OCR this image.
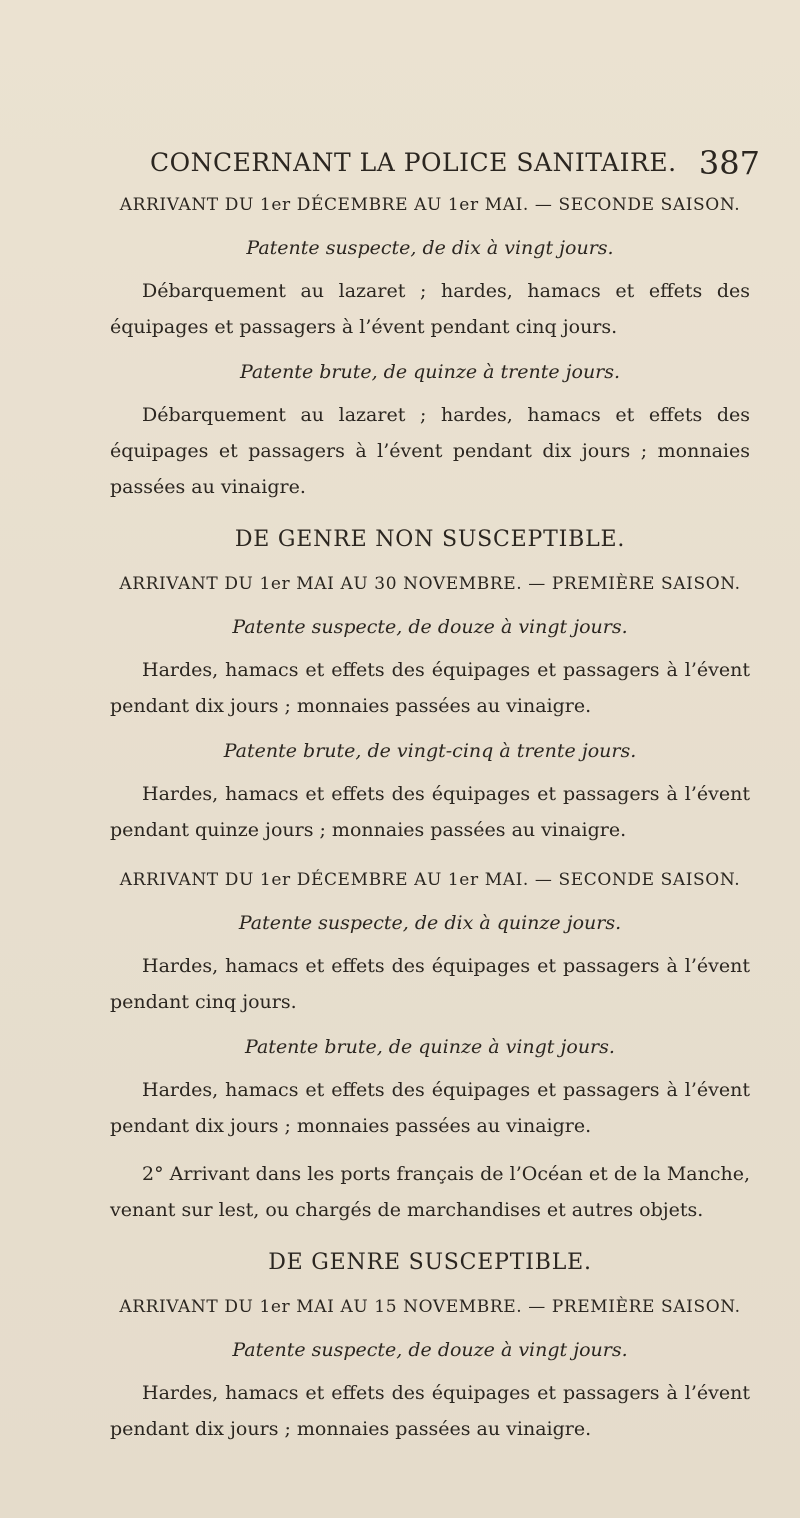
CONCERNANT LA POLICE SANITAIRE. 387

ARRIVANT DU 1er DÉCEMBRE AU 1er MAI. — SECONDE SAISON.

Patente suspecte, de dix à vingt jours.

Débarquement au lazaret ; hardes, hamacs et effets des équipages et passagers à l’évent pendant cinq jours.

Patente brute, de quinze à trente jours.

Débarquement au lazaret ; hardes, hamacs et effets des équipages et passagers à l’évent pendant dix jours ; monnaies passées au vinaigre.

DE GENRE NON SUSCEPTIBLE.

ARRIVANT DU 1er MAI AU 30 NOVEMBRE. — PREMIÈRE SAISON.

Patente suspecte, de douze à vingt jours.

Hardes, hamacs et effets des équipages et passagers à l’évent pendant dix jours ; monnaies passées au vinaigre.

Patente brute, de vingt-cinq à trente jours.

Hardes, hamacs et effets des équipages et passagers à l’évent pendant quinze jours ; monnaies passées au vinaigre.

ARRIVANT DU 1er DÉCEMBRE AU 1er MAI. — SECONDE SAISON.

Patente suspecte, de dix à quinze jours.

Hardes, hamacs et effets des équipages et passagers à l’évent pendant cinq jours.

Patente brute, de quinze à vingt jours.

Hardes, hamacs et effets des équipages et passagers à l’évent pendant dix jours ; monnaies passées au vinaigre.

2° Arrivant dans les ports français de l’Océan et de la Manche, venant sur lest, ou chargés de marchandises et autres objets.

DE GENRE SUSCEPTIBLE.

ARRIVANT DU 1er MAI AU 15 NOVEMBRE. — PREMIÈRE SAISON.

Patente suspecte, de douze à vingt jours.

Hardes, hamacs et effets des équipages et passagers à l’évent pendant dix jours ; monnaies passées au vinaigre.
